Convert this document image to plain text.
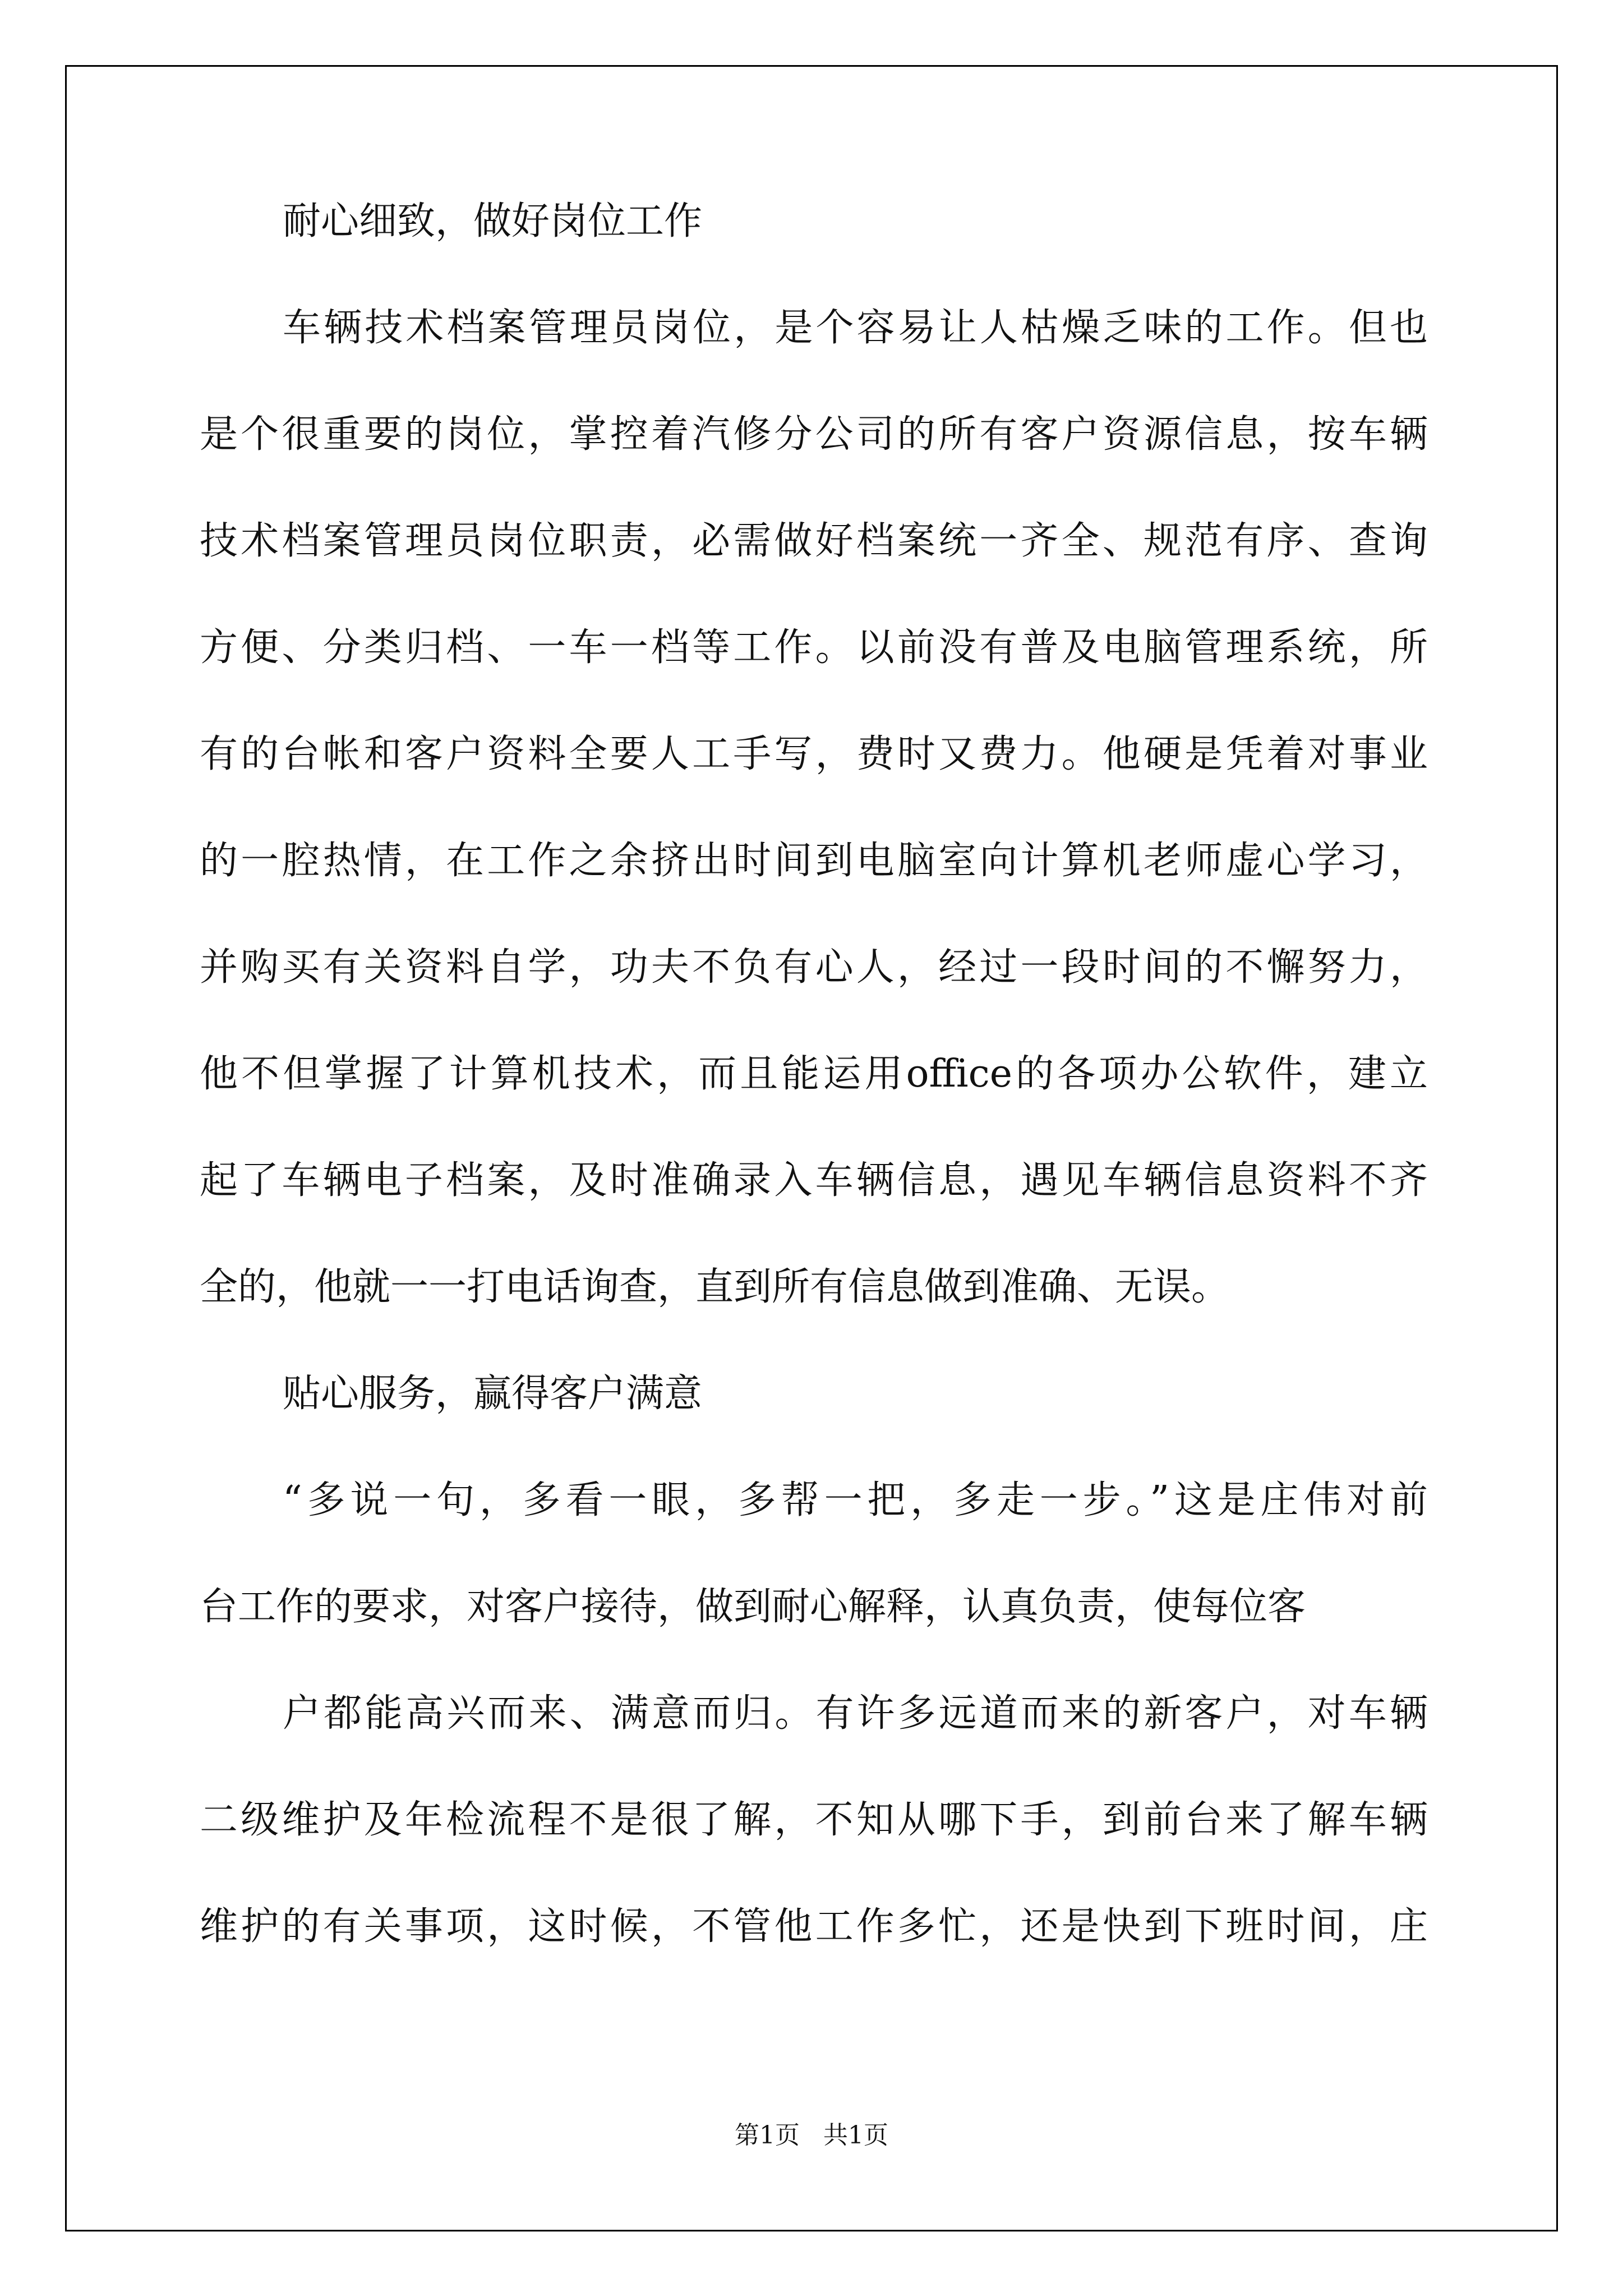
耐心细致，做好岗位工作
车辆技术档案管理员岗位，是个容易让人枯燥乏味的工作。但也
是个很重要的岗位，掌控着汽修分公司的所有客户资源信息，按车辆
技术档案管理员岗位职责，必需做好档案统一齐全、规范有序、查询
方便、分类归档、一车一档等工作。以前没有普及电脑管理系统，所
有的台帐和客户资料全要人工手写，费时又费力。他硬是凭着对事业
的一腔热情，在工作之余挤出时间到电脑室向计算机老师虚心学习，
并购买有关资料自学，功夫不负有心人，经过一段时间的不懈努力，
他不但掌握了计算机技术，而且能运用office的各项办公软件，建立
起了车辆电子档案，及时准确录入车辆信息，遇见车辆信息资料不齐
全的，他就一一打电话询查，直到所有信息做到准确、无误。
贴心服务，赢得客户满意
“多说一句，多看一眼，多帮一把，多走一步。”这是庄伟对前
台工作的要求，对客户接待，做到耐心解释，认真负责，使每位客
户都能高兴而来、满意而归。有许多远道而来的新客户，对车辆
二级维护及年检流程不是很了解，不知从哪下手，到前台来了解车辆
维护的有关事项，这时候，不管他工作多忙，还是快到下班时间，庄
第1页   共1页
